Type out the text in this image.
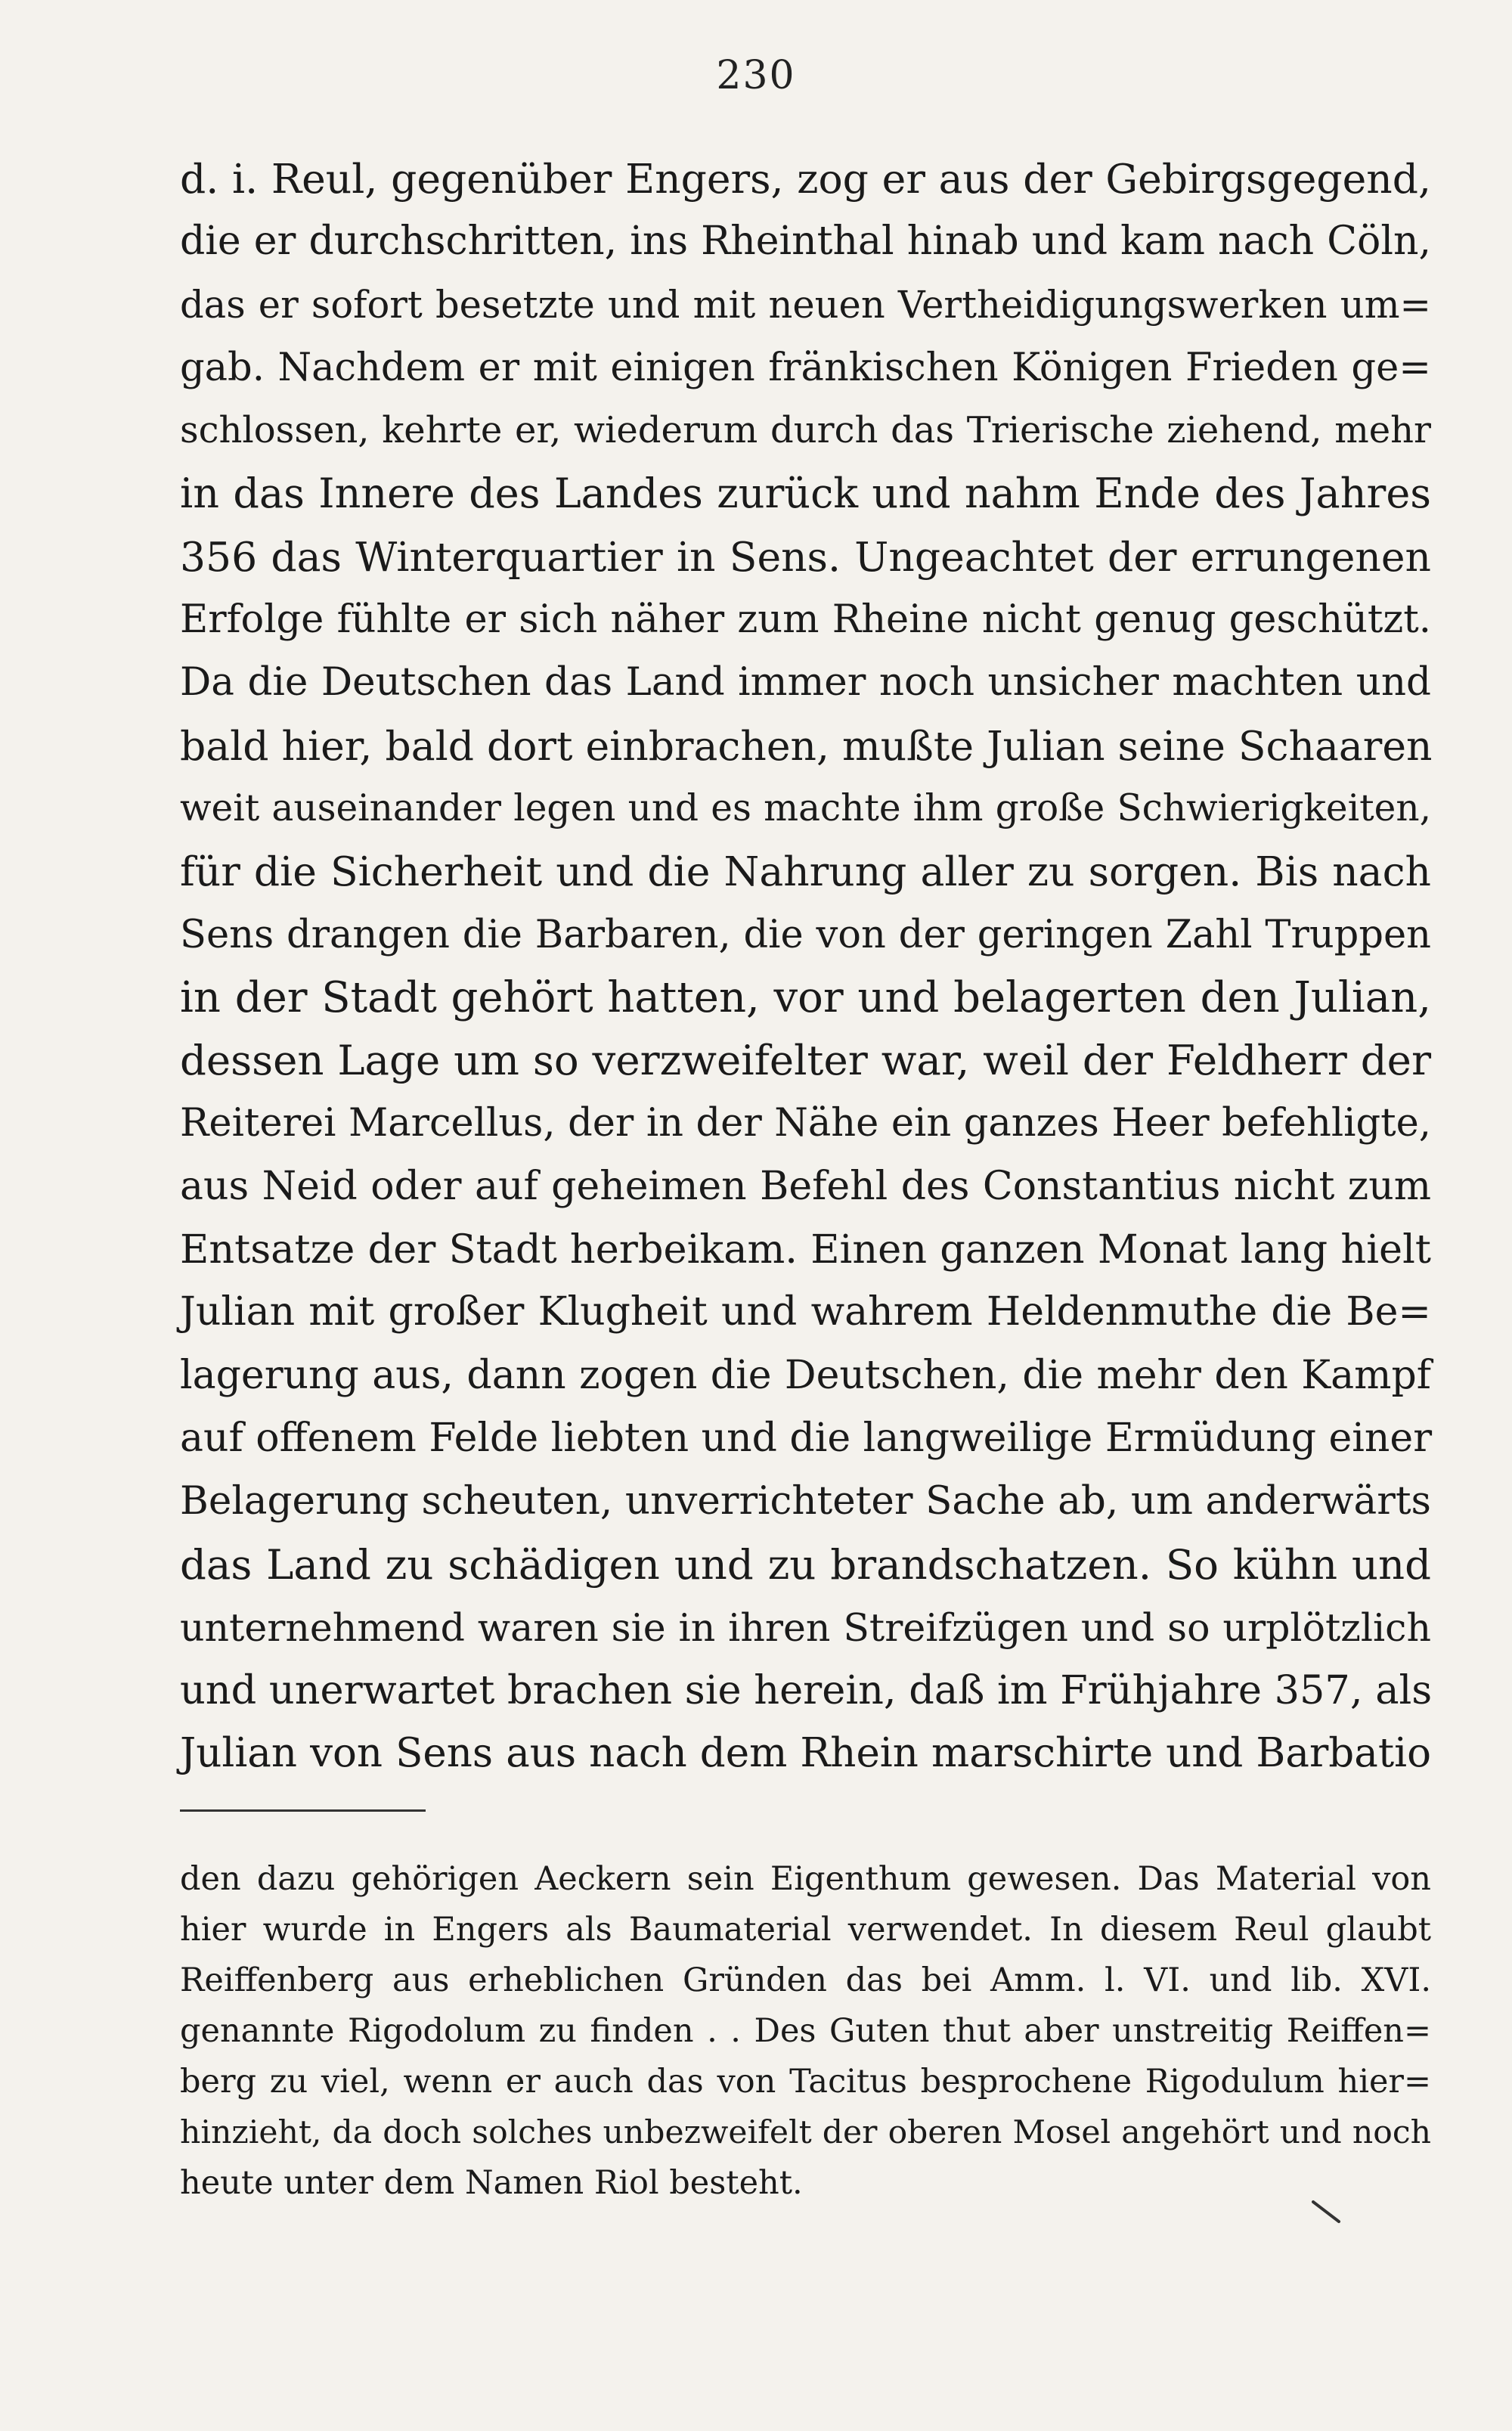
230
d. i. Reul, gegenüber Engers, zog er aus der Gebirgsgegend,
die er durchschritten, ins Rheinthal hinab und kam nach Cöln,
das er sofort besetzte und mit neuen Vertheidigungswerken um=
gab. Nachdem er mit einigen fränkischen Königen Frieden ge=
schlossen, kehrte er, wiederum durch das Trierische ziehend, mehr
in das Innere des Landes zurück und nahm Ende des Jahres
356 das Winterquartier in Sens. Ungeachtet der errungenen
Erfolge fühlte er sich näher zum Rheine nicht genug geschützt.
Da die Deutschen das Land immer noch unsicher machten und
bald hier, bald dort einbrachen, mußte Julian seine Schaaren
weit auseinander legen und es machte ihm große Schwierigkeiten,
für die Sicherheit und die Nahrung aller zu sorgen. Bis nach
Sens drangen die Barbaren, die von der geringen Zahl Truppen
in der Stadt gehört hatten, vor und belagerten den Julian,
dessen Lage um so verzweifelter war, weil der Feldherr der
Reiterei Marcellus, der in der Nähe ein ganzes Heer befehligte,
aus Neid oder auf geheimen Befehl des Constantius nicht zum
Entsatze der Stadt herbeikam. Einen ganzen Monat lang hielt
Julian mit großer Klugheit und wahrem Heldenmuthe die Be=
lagerung aus, dann zogen die Deutschen, die mehr den Kampf
auf offenem Felde liebten und die langweilige Ermüdung einer
Belagerung scheuten, unverrichteter Sache ab, um anderwärts
das Land zu schädigen und zu brandschatzen. So kühn und
unternehmend waren sie in ihren Streifzügen und so urplötzlich
und unerwartet brachen sie herein, daß im Frühjahre 357, als
Julian von Sens aus nach dem Rhein marschirte und Barbatio
den dazu gehörigen Aeckern sein Eigenthum gewesen. Das Material von
hier wurde in Engers als Baumaterial verwendet. In diesem Reul glaubt
Reiffenberg aus erheblichen Gründen das bei Amm. l. VI. und lib. XVI.
genannte Rigodolum zu finden . . Des Guten thut aber unstreitig Reiffen=
berg zu viel, wenn er auch das von Tacitus besprochene Rigodulum hier=
hinzieht, da doch solches unbezweifelt der oberen Mosel angehört und noch
heute unter dem Namen Riol besteht.
